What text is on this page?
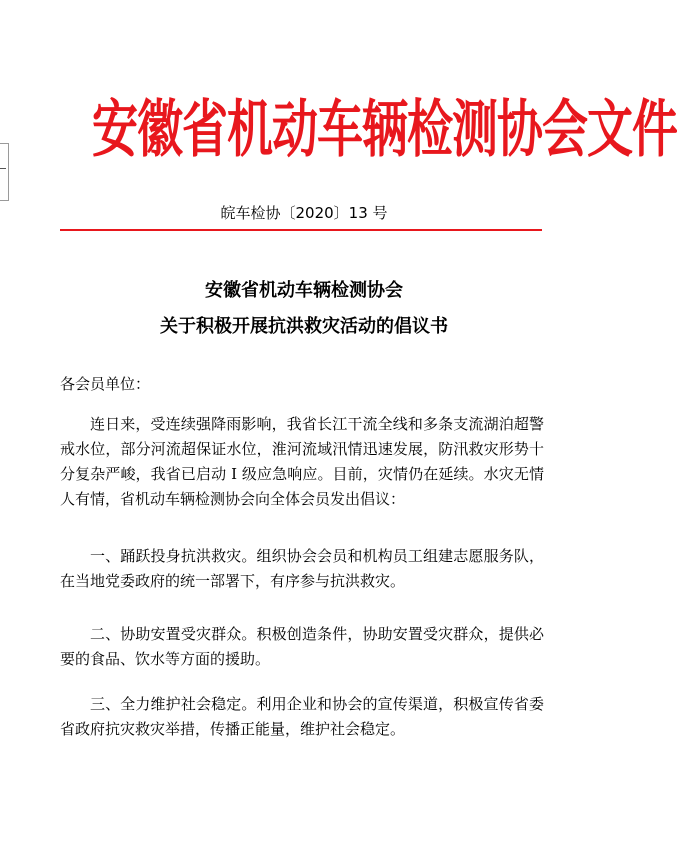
安徽省机动车辆检测协会文件
皖车检协〔2020〕13 号
安徽省机动车辆检测协会
关于积极开展抗洪救灾活动的倡议书
各会员单位：

连日来，受连续强降雨影响，我省长江干流全线和多条支流湖泊超警戒水位，部分河流超保证水位，淮河流域汛情迅速发展，防汛救灾形势十分复杂严峻，我省已启动 I 级应急响应。目前，灾情仍在延续。水灾无情人有情，省机动车辆检测协会向全体会员发出倡议：

一、踊跃投身抗洪救灾。组织协会会员和机构员工组建志愿服务队，在当地党委政府的统一部署下，有序参与抗洪救灾。

二、协助安置受灾群众。积极创造条件，协助安置受灾群众，提供必要的食品、饮水等方面的援助。

三、全力维护社会稳定。利用企业和协会的宣传渠道，积极宣传省委省政府抗灾救灾举措，传播正能量，维护社会稳定。
